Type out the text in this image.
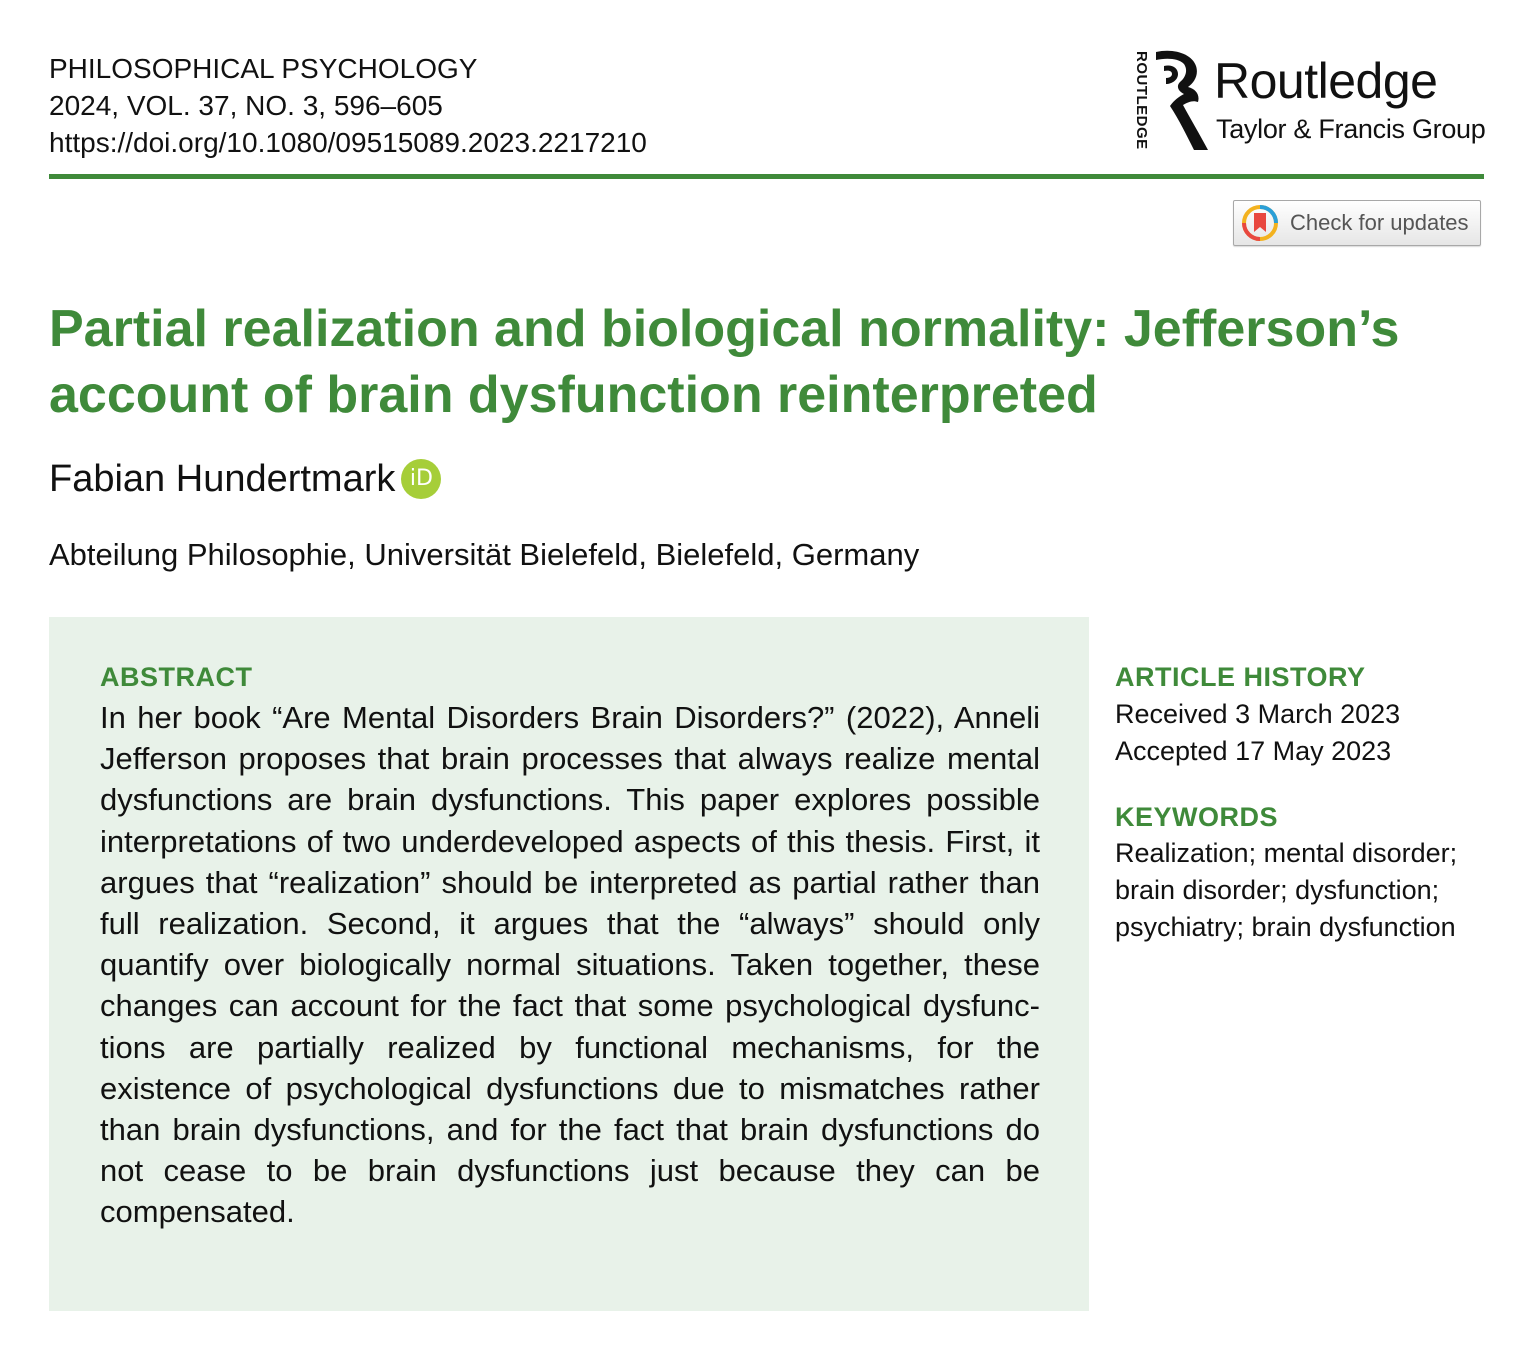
PHILOSOPHICAL PSYCHOLOGY
2024, VOL. 37, NO. 3, 596–605
https://doi.org/10.1080/09515089.2023.2217210	ROUTLEDGE Routledge
Taylor & Francis Group
Check for updates
Partial realization and biological normality: Jefferson’s
account of brain dysfunction reinterpreted
Fabian Hundertmark iD
Abteilung Philosophie, Universität Bielefeld, Bielefeld, Germany
ABSTRACT

In her book “Are Mental Disorders Brain Disorders?” (2022), Anneli Jefferson proposes that brain processes that always realize mental dysfunctions are brain dysfunctions. This paper explores possible interpretations of two underdeveloped aspects of this thesis. First, it argues that “realization” should be interpreted as partial rather than full realization. Second, it argues that the “always” should only quantify over biologically normal situations. Taken together, these changes can account for the fact that some psychological dysfunctions are partially realized by functional mechanisms, for the existence of psychological dysfunctions due to mismatches rather than brain dysfunctions, and for the fact that brain dysfunctions do not cease to be brain dysfunctions just because they can be compensated.

ARTICLE HISTORY
Received 3 March 2023
Accepted 17 May 2023
KEYWORDS
Realization; mental disorder;
brain disorder; dysfunction;
psychiatry; brain dysfunction
